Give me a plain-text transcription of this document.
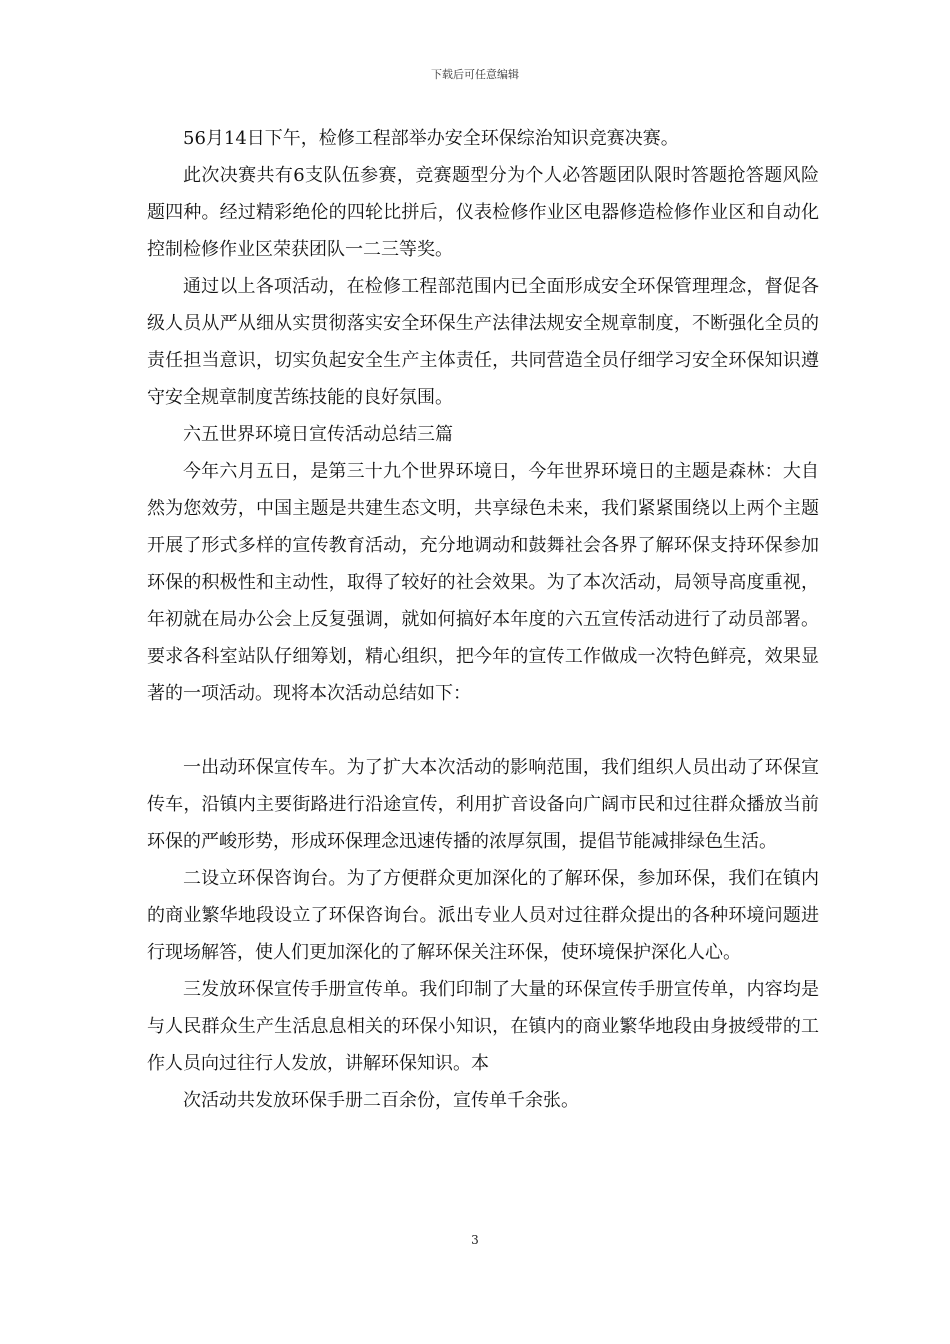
下载后可任意编辑

56月14日下午，检修工程部举办安全环保综治知识竞赛决赛。

此次决赛共有6支队伍参赛，竞赛题型分为个人必答题团队限时答题抢答题风险题四种。经过精彩绝伦的四轮比拼后，仪表检修作业区电器修造检修作业区和自动化控制检修作业区荣获团队一二三等奖。

通过以上各项活动，在检修工程部范围内已全面形成安全环保管理理念，督促各级人员从严从细从实贯彻落实安全环保生产法律法规安全规章制度，不断强化全员的责任担当意识，切实负起安全生产主体责任，共同营造全员仔细学习安全环保知识遵守安全规章制度苦练技能的良好氛围。

六五世界环境日宣传活动总结三篇

今年六月五日，是第三十九个世界环境日，今年世界环境日的主题是森林：大自然为您效劳，中国主题是共建生态文明，共享绿色未来，我们紧紧围绕以上两个主题开展了形式多样的宣传教育活动，充分地调动和鼓舞社会各界了解环保支持环保参加环保的积极性和主动性，取得了较好的社会效果。为了本次活动，局领导高度重视，年初就在局办公会上反复强调，就如何搞好本年度的六五宣传活动进行了动员部署。要求各科室站队仔细筹划，精心组织，把今年的宣传工作做成一次特色鲜亮，效果显著的一项活动。现将本次活动总结如下：

一出动环保宣传车。为了扩大本次活动的影响范围，我们组织人员出动了环保宣传车，沿镇内主要街路进行沿途宣传，利用扩音设备向广阔市民和过往群众播放当前环保的严峻形势，形成环保理念迅速传播的浓厚氛围，提倡节能减排绿色生活。

二设立环保咨询台。为了方便群众更加深化的了解环保，参加环保，我们在镇内的商业繁华地段设立了环保咨询台。派出专业人员对过往群众提出的各种环境问题进行现场解答，使人们更加深化的了解环保关注环保，使环境保护深化人心。

三发放环保宣传手册宣传单。我们印制了大量的环保宣传手册宣传单，内容均是与人民群众生产生活息息相关的环保小知识，在镇内的商业繁华地段由身披绶带的工作人员向过往行人发放，讲解环保知识。本

次活动共发放环保手册二百余份，宣传单千余张。

3
